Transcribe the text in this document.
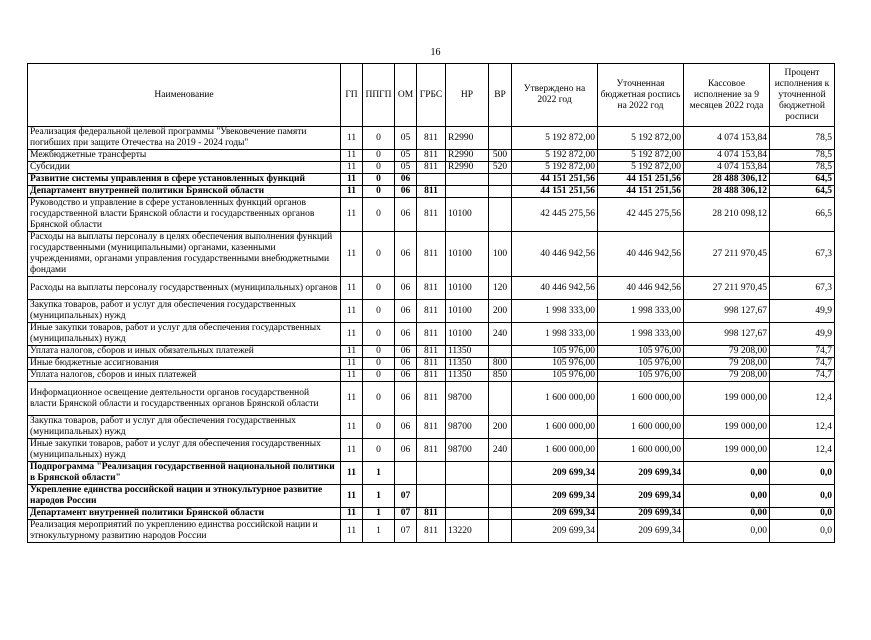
16
Наименование	ГП	ППГП	ОМ	ГРБС	НР	ВР	Утверждено на 2022 год	Уточненная бюджетная роспись на 2022 год	Кассовое исполнение за 9 месяцев 2022 года	Процент исполнения к уточненной бюджетной росписи
Реализация федеральной целевой программы "Увековечение памяти погибших при защите Отечества на 2019 - 2024 годы"	11	0	05	811	R2990		5 192 872,00	5 192 872,00	4 074 153,84	78,5
Межбюджетные трансферты	11	0	05	811	R2990	500	5 192 872,00	5 192 872,00	4 074 153,84	78,5
Субсидии	11	0	05	811	R2990	520	5 192 872,00	5 192 872,00	4 074 153,84	78,5
Развитие системы управления в сфере установленных функций	11	0	06				44 151 251,56	44 151 251,56	28 488 306,12	64,5
Департамент внутренней политики Брянской области	11	0	06	811			44 151 251,56	44 151 251,56	28 488 306,12	64,5
Руководство и управление в сфере установленных функций органов государственной власти Брянской области и государственных органов Брянской области	11	0	06	811	10100		42 445 275,56	42 445 275,56	28 210 098,12	66,5
Расходы на выплаты персоналу в целях обеспечения выполнения функций государственными (муниципальными) органами, казенными учреждениями, органами управления государственными внебюджетными фондами	11	0	06	811	10100	100	40 446 942,56	40 446 942,56	27 211 970,45	67,3
Расходы на выплаты персоналу государственных (муниципальных) органов	11	0	06	811	10100	120	40 446 942,56	40 446 942,56	27 211 970,45	67,3
Закупка товаров, работ и услуг для обеспечения государственных (муниципальных) нужд	11	0	06	811	10100	200	1 998 333,00	1 998 333,00	998 127,67	49,9
Иные закупки товаров, работ и услуг для обеспечения государственных (муниципальных) нужд	11	0	06	811	10100	240	1 998 333,00	1 998 333,00	998 127,67	49,9
Уплата налогов, сборов и иных обязательных платежей	11	0	06	811	11350		105 976,00	105 976,00	79 208,00	74,7
Иные бюджетные ассигнования	11	0	06	811	11350	800	105 976,00	105 976,00	79 208,00	74,7
Уплата налогов, сборов и иных платежей	11	0	06	811	11350	850	105 976,00	105 976,00	79 208,00	74,7
Информационное освещение деятельности органов государственной власти Брянской области и государственных органов Брянской области	11	0	06	811	98700		1 600 000,00	1 600 000,00	199 000,00	12,4
Закупка товаров, работ и услуг для обеспечения государственных (муниципальных) нужд	11	0	06	811	98700	200	1 600 000,00	1 600 000,00	199 000,00	12,4
Иные закупки товаров, работ и услуг для обеспечения государственных (муниципальных) нужд	11	0	06	811	98700	240	1 600 000,00	1 600 000,00	199 000,00	12,4
Подпрограмма "Реализация государственной национальной политики в Брянской области"	11	1					209 699,34	209 699,34	0,00	0,0
Укрепление единства российской нации и этнокультурное развитие народов России	11	1	07				209 699,34	209 699,34	0,00	0,0
Департамент внутренней политики Брянской области	11	1	07	811			209 699,34	209 699,34	0,00	0,0
Реализация мероприятий по укреплению единства российской нации и этнокультурному развитию народов России	11	1	07	811	13220		209 699,34	209 699,34	0,00	0,0
